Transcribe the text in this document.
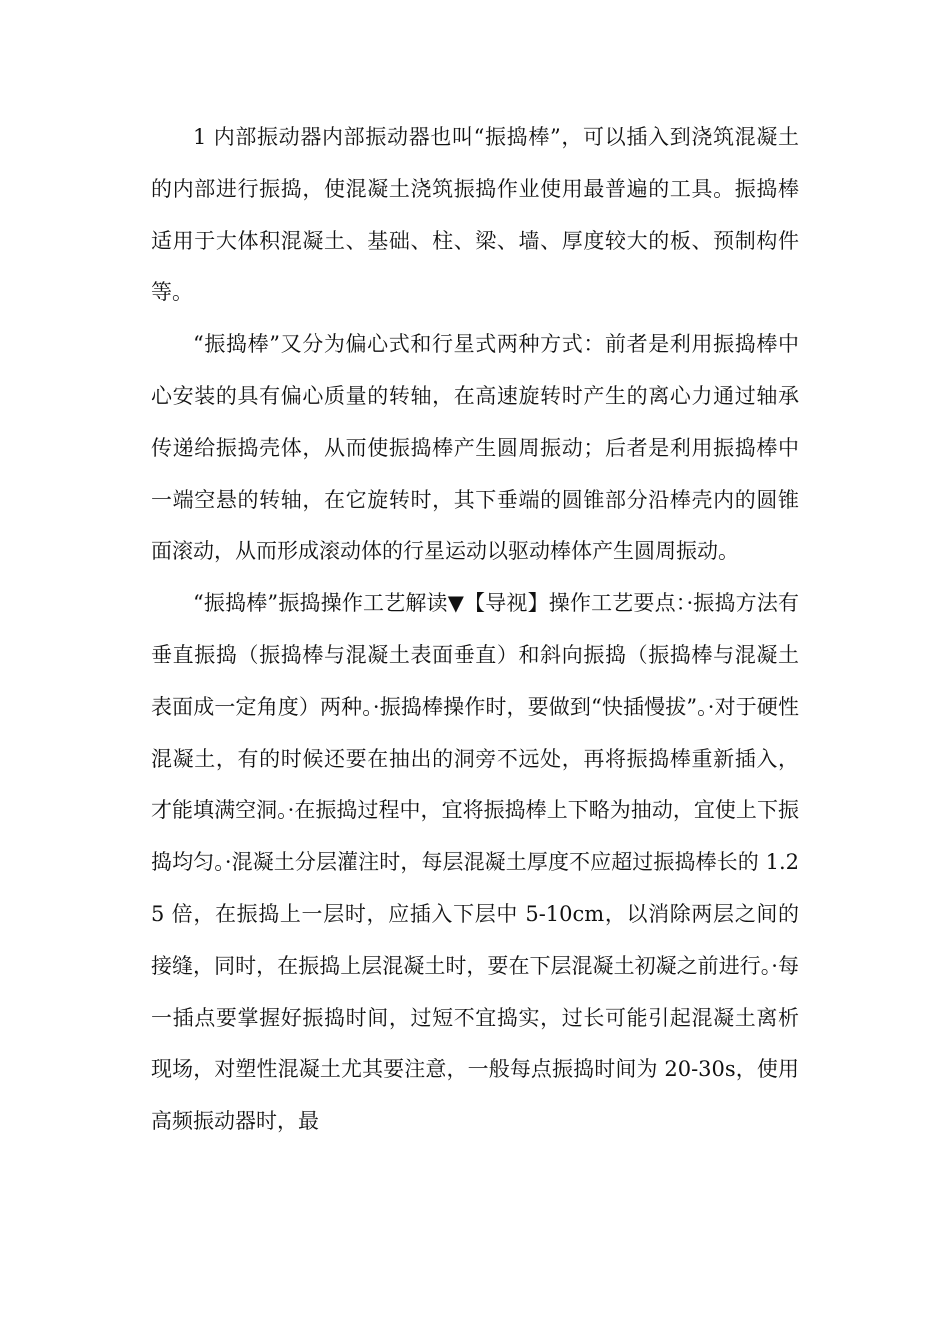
1 内部振动器内部振动器也叫“振捣棒”，可以插入到浇筑混凝土的内部进行振捣，使混凝土浇筑振捣作业使用最普遍的工具。振捣棒适用于大体积混凝土、基础、柱、梁、墙、厚度较大的板、预制构件等。

“振捣棒”又分为偏心式和行星式两种方式：前者是利用振捣棒中心安装的具有偏心质量的转轴，在高速旋转时产生的离心力通过轴承传递给振捣壳体，从而使振捣棒产生圆周振动；后者是利用振捣棒中一端空悬的转轴，在它旋转时，其下垂端的圆锥部分沿棒壳内的圆锥面滚动，从而形成滚动体的行星运动以驱动棒体产生圆周振动。

“振捣棒”振捣操作工艺解读▼【导视】操作工艺要点：·振捣方法有垂直振捣（振捣棒与混凝土表面垂直）和斜向振捣（振捣棒与混凝土表面成一定角度）两种。·振捣棒操作时，要做到“快插慢拔”。·对于硬性混凝土，有的时候还要在抽出的洞旁不远处，再将振捣棒重新插入，才能填满空洞。·在振捣过程中，宜将振捣棒上下略为抽动，宜使上下振捣均匀。·混凝土分层灌注时，每层混凝土厚度不应超过振捣棒长的 1.25 倍，在振捣上一层时，应插入下层中 5-10cm，以消除两层之间的接缝，同时，在振捣上层混凝土时，要在下层混凝土初凝之前进行。·每一插点要掌握好振捣时间，过短不宜捣实，过长可能引起混凝土离析现场，对塑性混凝土尤其要注意，一般每点振捣时间为 20-30s，使用高频振动器时，最
